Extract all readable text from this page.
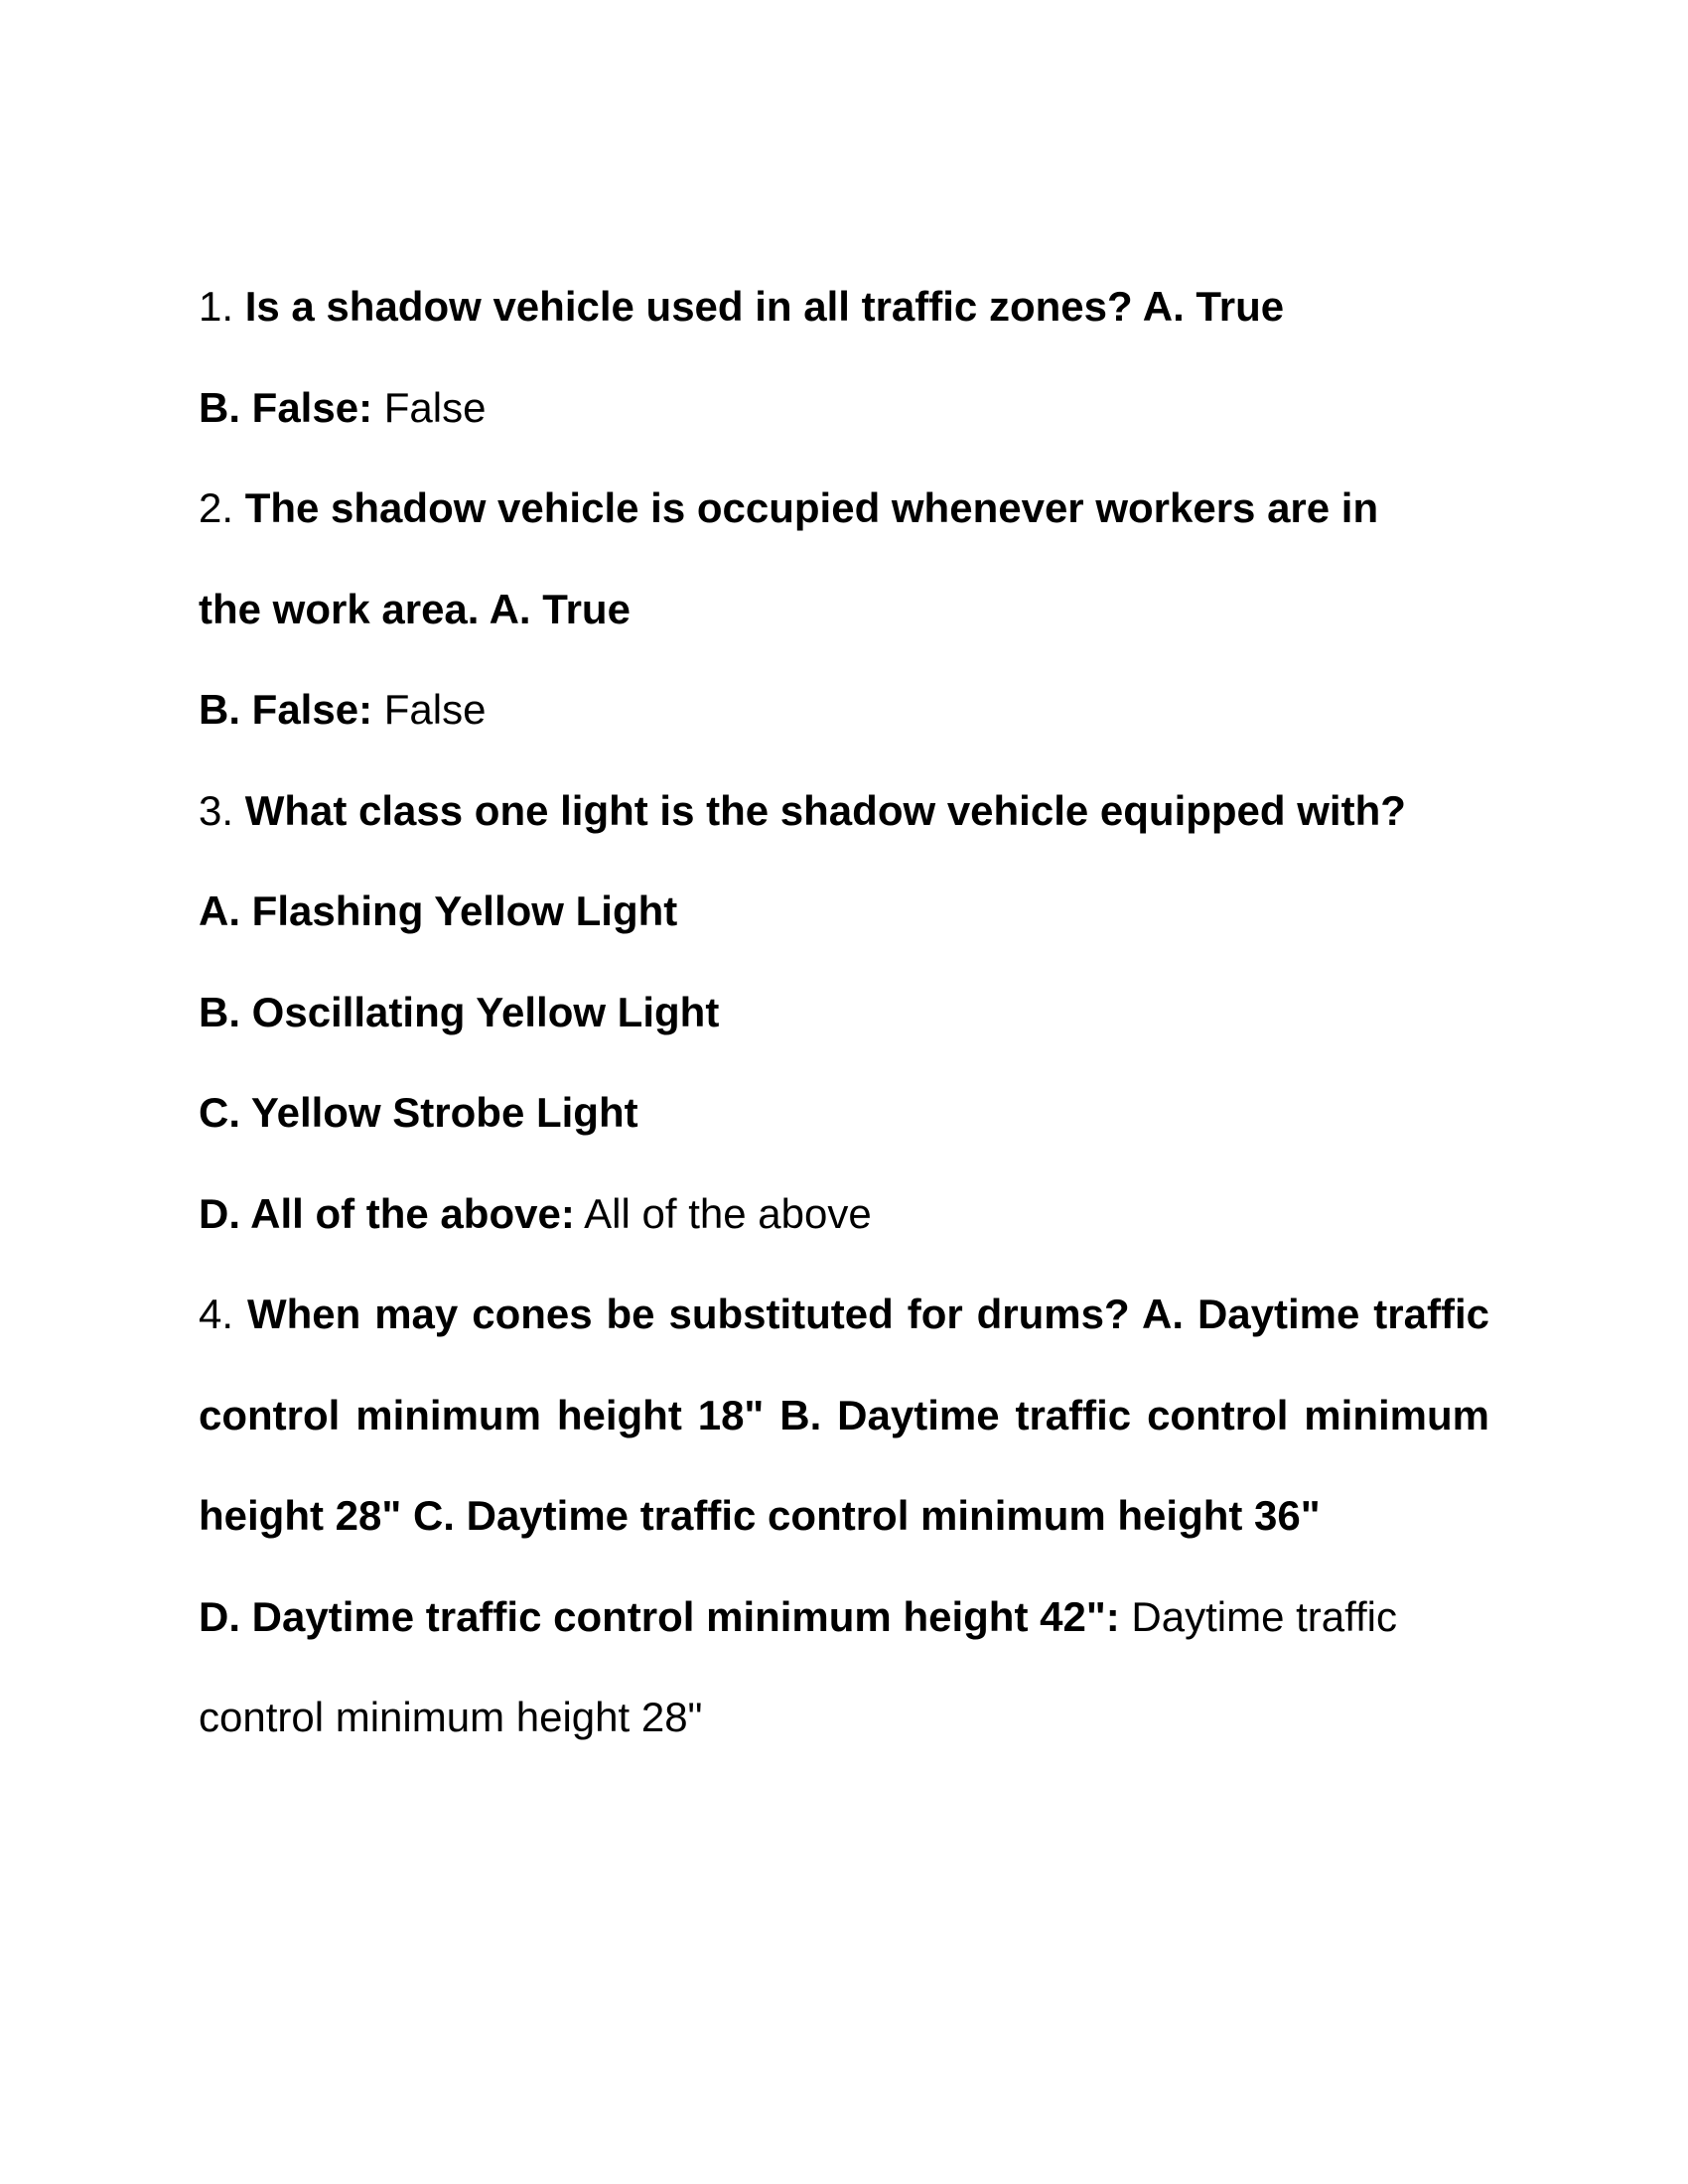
1. Is a shadow vehicle used in all traffic zones? A. True
B. False: False
2. The shadow vehicle is occupied whenever workers are in
the work area. A. True
B. False: False
3. What class one light is the shadow vehicle equipped with?
A. Flashing Yellow Light
B. Oscillating Yellow Light
C. Yellow Strobe Light
D. All of the above: All of the above
4. When may cones be substituted for drums? A. Daytime traffic control minimum height 18" B. Daytime traffic control minimum height 28" C. Daytime traffic control minimum height 36"
D. Daytime traffic control minimum height 42": Daytime traffic
control minimum height 28"
